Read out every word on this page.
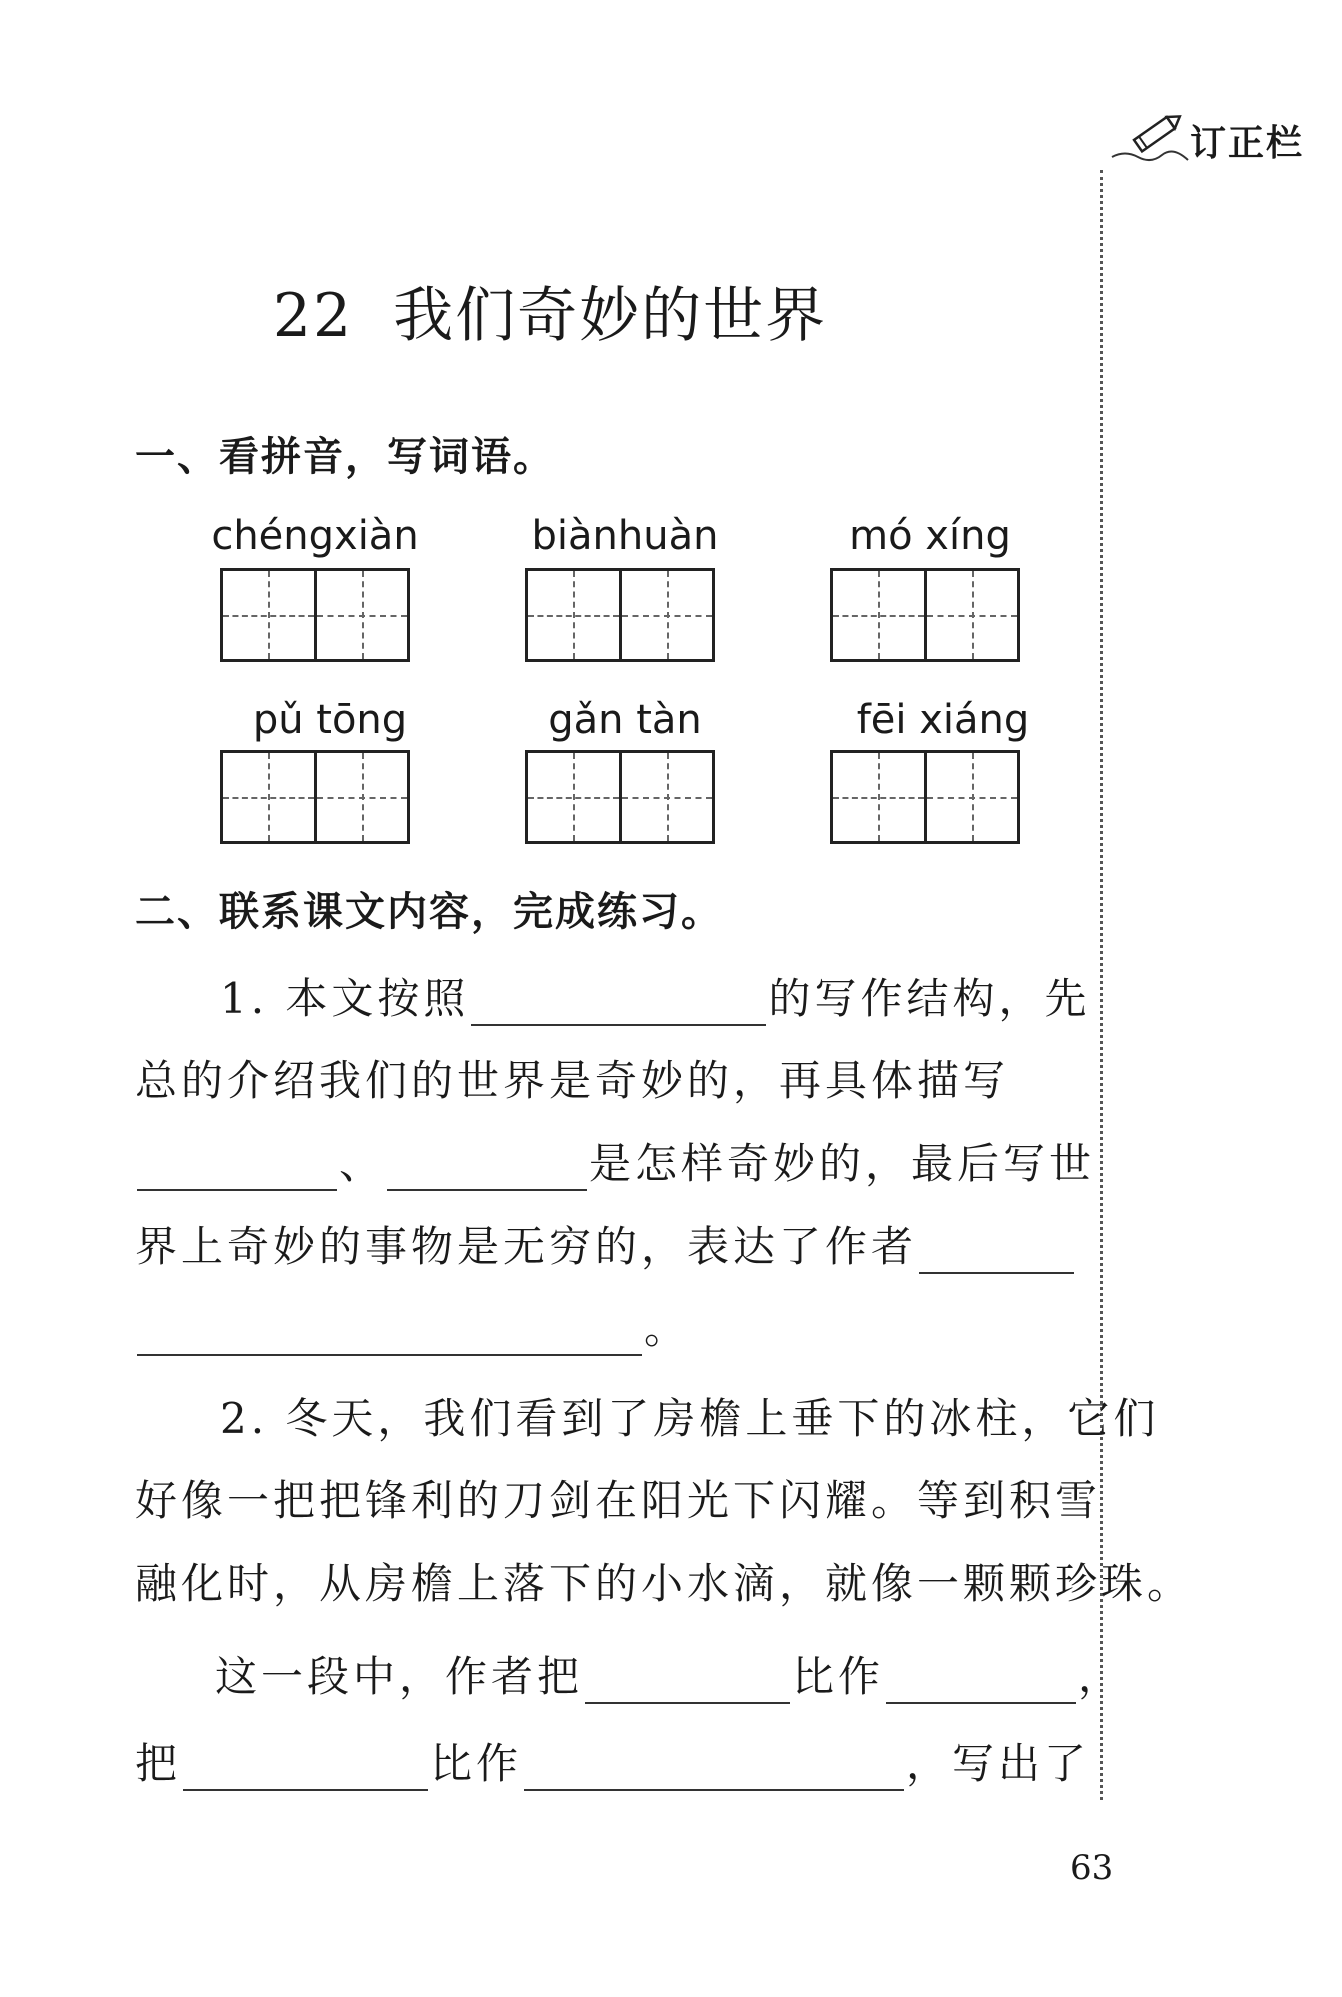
订正栏
22 我们奇妙的世界
一、看拼音，写词语。
chéngxiàn	biànhuàn	mó xíng
pǔ tōng	gǎn tàn	fēi xiáng
二、联系课文内容，完成练习。
1. 本文按照	的写作结构，先
总的介绍我们的世界是奇妙的，再具体描写
、	是怎样奇妙的，最后写世
界上奇妙的事物是无穷的，表达了作者
。
2. 冬天，我们看到了房檐上垂下的冰柱，它们
好像一把把锋利的刀剑在阳光下闪耀。等到积雪
融化时，从房檐上落下的小水滴，就像一颗颗珍珠。
这一段中，作者把	比作	，
把	比作	，写出了
63
